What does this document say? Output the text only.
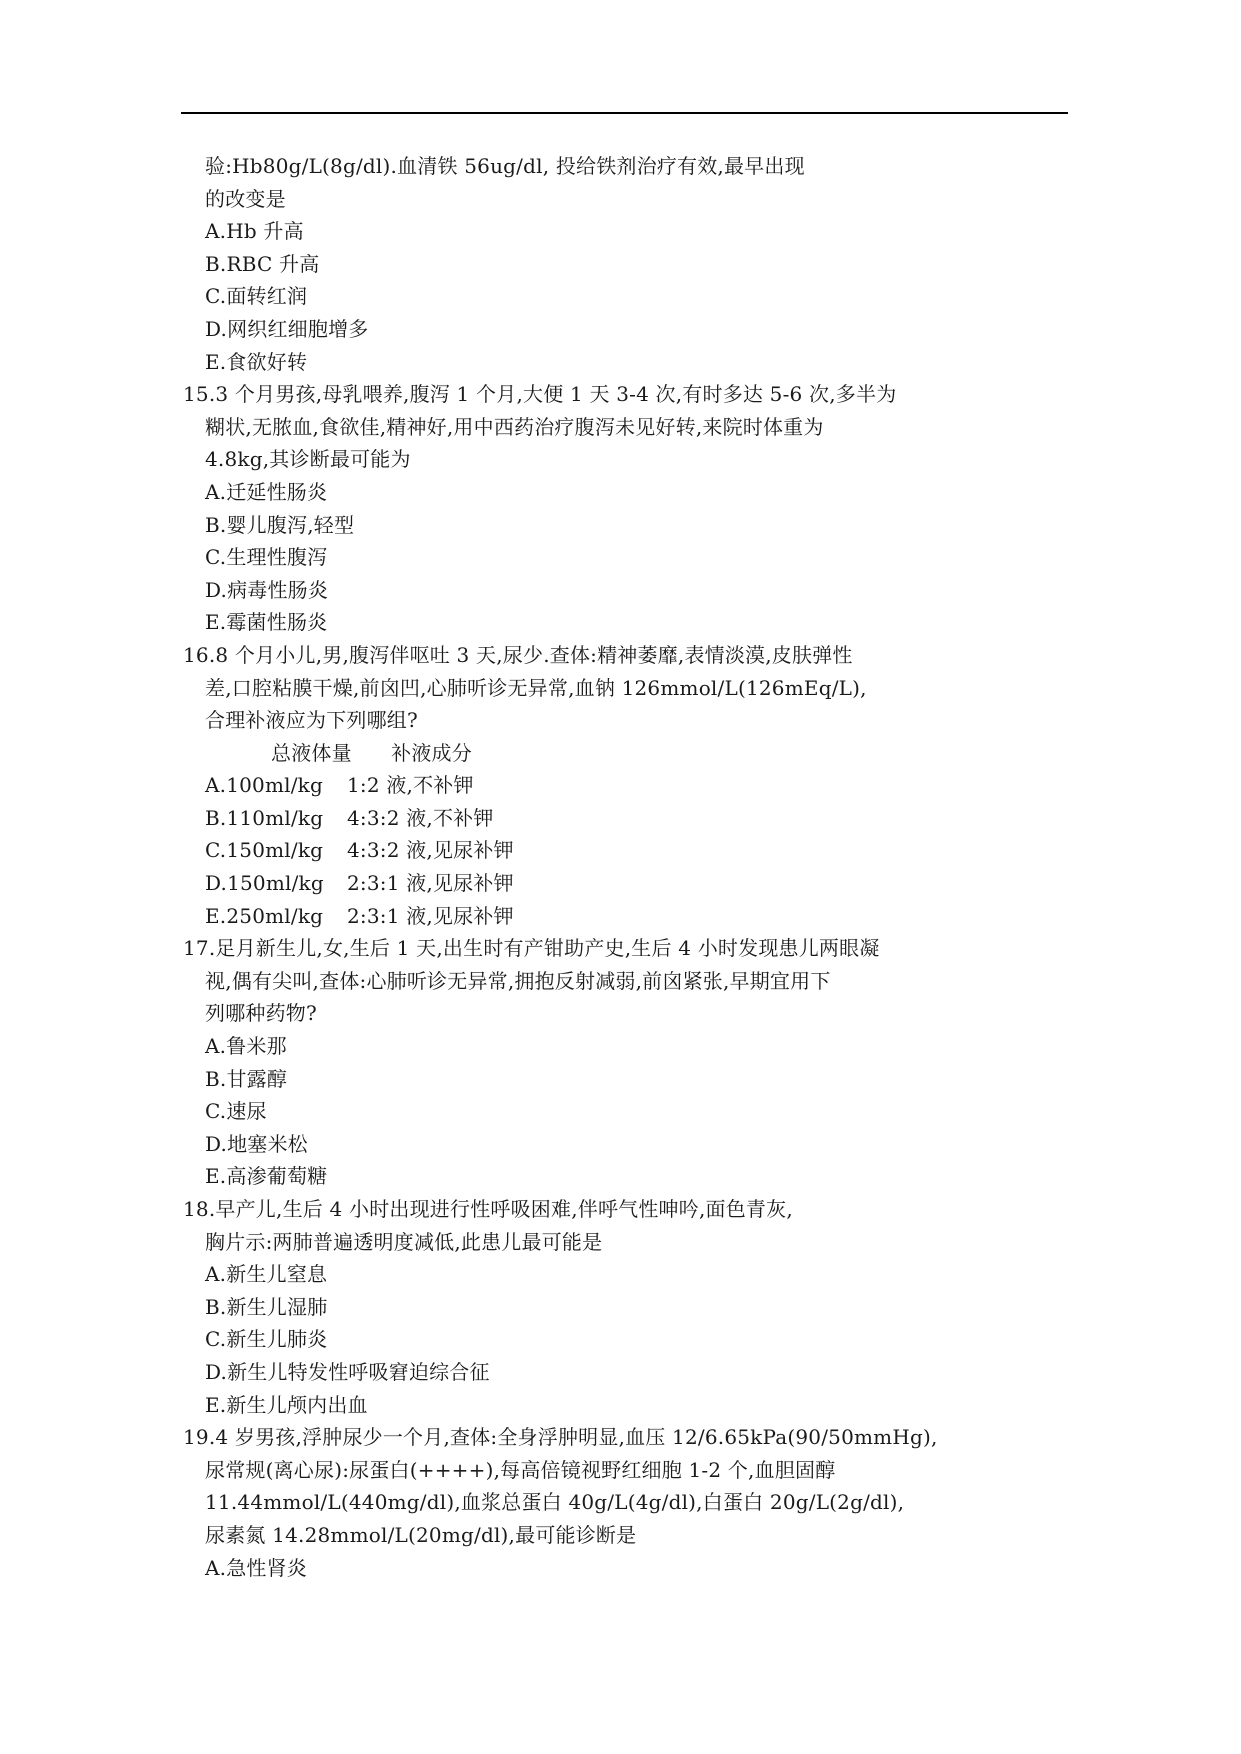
验:Hb80g/L(8g/dl).血清铁 56ug/dl, 投给铁剂治疗有效,最早出现
的改变是
A.Hb 升高
B.RBC 升高
C.面转红润
D.网织红细胞增多
E.食欲好转
15.3 个月男孩,母乳喂养,腹泻 1 个月,大便 1 天 3-4 次,有时多达 5-6 次,多半为
糊状,无脓血,食欲佳,精神好,用中西药治疗腹泻未见好转,来院时体重为
4.8kg,其诊断最可能为
A.迁延性肠炎
B.婴儿腹泻,轻型
C.生理性腹泻
D.病毒性肠炎
E.霉菌性肠炎
16.8 个月小儿,男,腹泻伴呕吐 3 天,尿少.查体:精神萎靡,表情淡漠,皮肤弹性
差,口腔粘膜干燥,前囟凹,心肺听诊无异常,血钠 126mmol/L(126mEq/L),
合理补液应为下列哪组?
总液体量      补液成分
A.100ml/kg 1:2 液,不补钾
B.110ml/kg 4:3:2 液,不补钾
C.150ml/kg 4:3:2 液,见尿补钾
D.150ml/kg 2:3:1 液,见尿补钾
E.250ml/kg 2:3:1 液,见尿补钾
17.足月新生儿,女,生后 1 天,出生时有产钳助产史,生后 4 小时发现患儿两眼凝
视,偶有尖叫,查体:心肺听诊无异常,拥抱反射减弱,前囟紧张,早期宜用下
列哪种药物?
A.鲁米那
B.甘露醇
C.速尿
D.地塞米松
E.高渗葡萄糖
18.早产儿,生后 4 小时出现进行性呼吸困难,伴呼气性呻吟,面色青灰,
胸片示:两肺普遍透明度减低,此患儿最可能是
A.新生儿窒息
B.新生儿湿肺
C.新生儿肺炎
D.新生儿特发性呼吸窘迫综合征
E.新生儿颅内出血
19.4 岁男孩,浮肿尿少一个月,查体:全身浮肿明显,血压 12/6.65kPa(90/50mmHg),
尿常规(离心尿):尿蛋白(++++),每高倍镜视野红细胞 1-2 个,血胆固醇
11.44mmol/L(440mg/dl),血浆总蛋白 40g/L(4g/dl),白蛋白 20g/L(2g/dl),
尿素氮 14.28mmol/L(20mg/dl),最可能诊断是
A.急性肾炎
